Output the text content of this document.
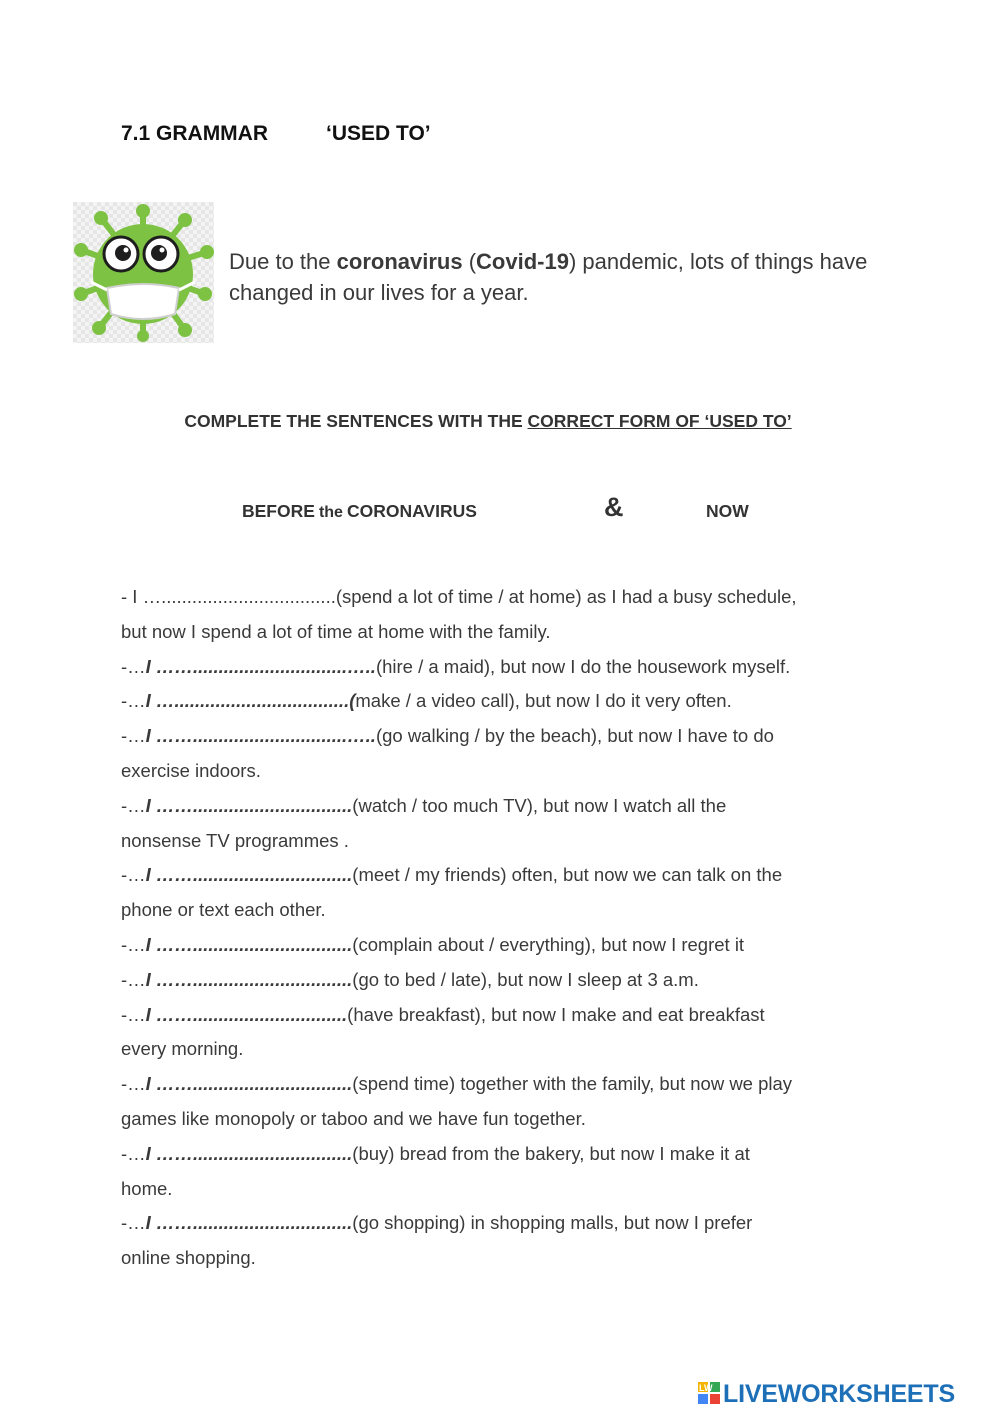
7.1 GRAMMAR	‘USED TO’
Due to the coronavirus (Covid-19) pandemic, lots of things have changed in our lives for a year.
COMPLETE THE SENTENCES WITH THE CORRECT FORM OF ‘USED TO’
BEFORE the CORONAVIRUS	&	NOW
- I …..................................(spend a lot of time / at home) as I had a busy schedule,
but now I spend a lot of time at home with the family.
-…I ……..............................…..(hire / a maid), but now I do the housework myself.
-…I …..................................(make / a video call), but now I do it very often.
-…I ……..............................…..(go walking / by the beach), but now I have to do
exercise indoors.
-…I ……...............................(watch / too much TV), but now I watch all the
nonsense TV programmes .
-…I ……...............................(meet / my friends) often, but now we can talk on the
phone or text each other.
-…I ……...............................(complain about / everything), but now I regret it
-…I ……...............................(go to bed / late), but now I sleep at 3 a.m.
-…I ……..............................(have breakfast), but now I make and eat breakfast
every morning.
-…I ……...............................(spend time) together with the family, but now we play
games like monopoly or taboo and we have fun together.
-…I ……...............................(buy) bread from the bakery, but now I make it at
home.
-…I ……...............................(go shopping) in shopping malls, but now I prefer
online shopping.
LW LIVEWORKSHEETS
